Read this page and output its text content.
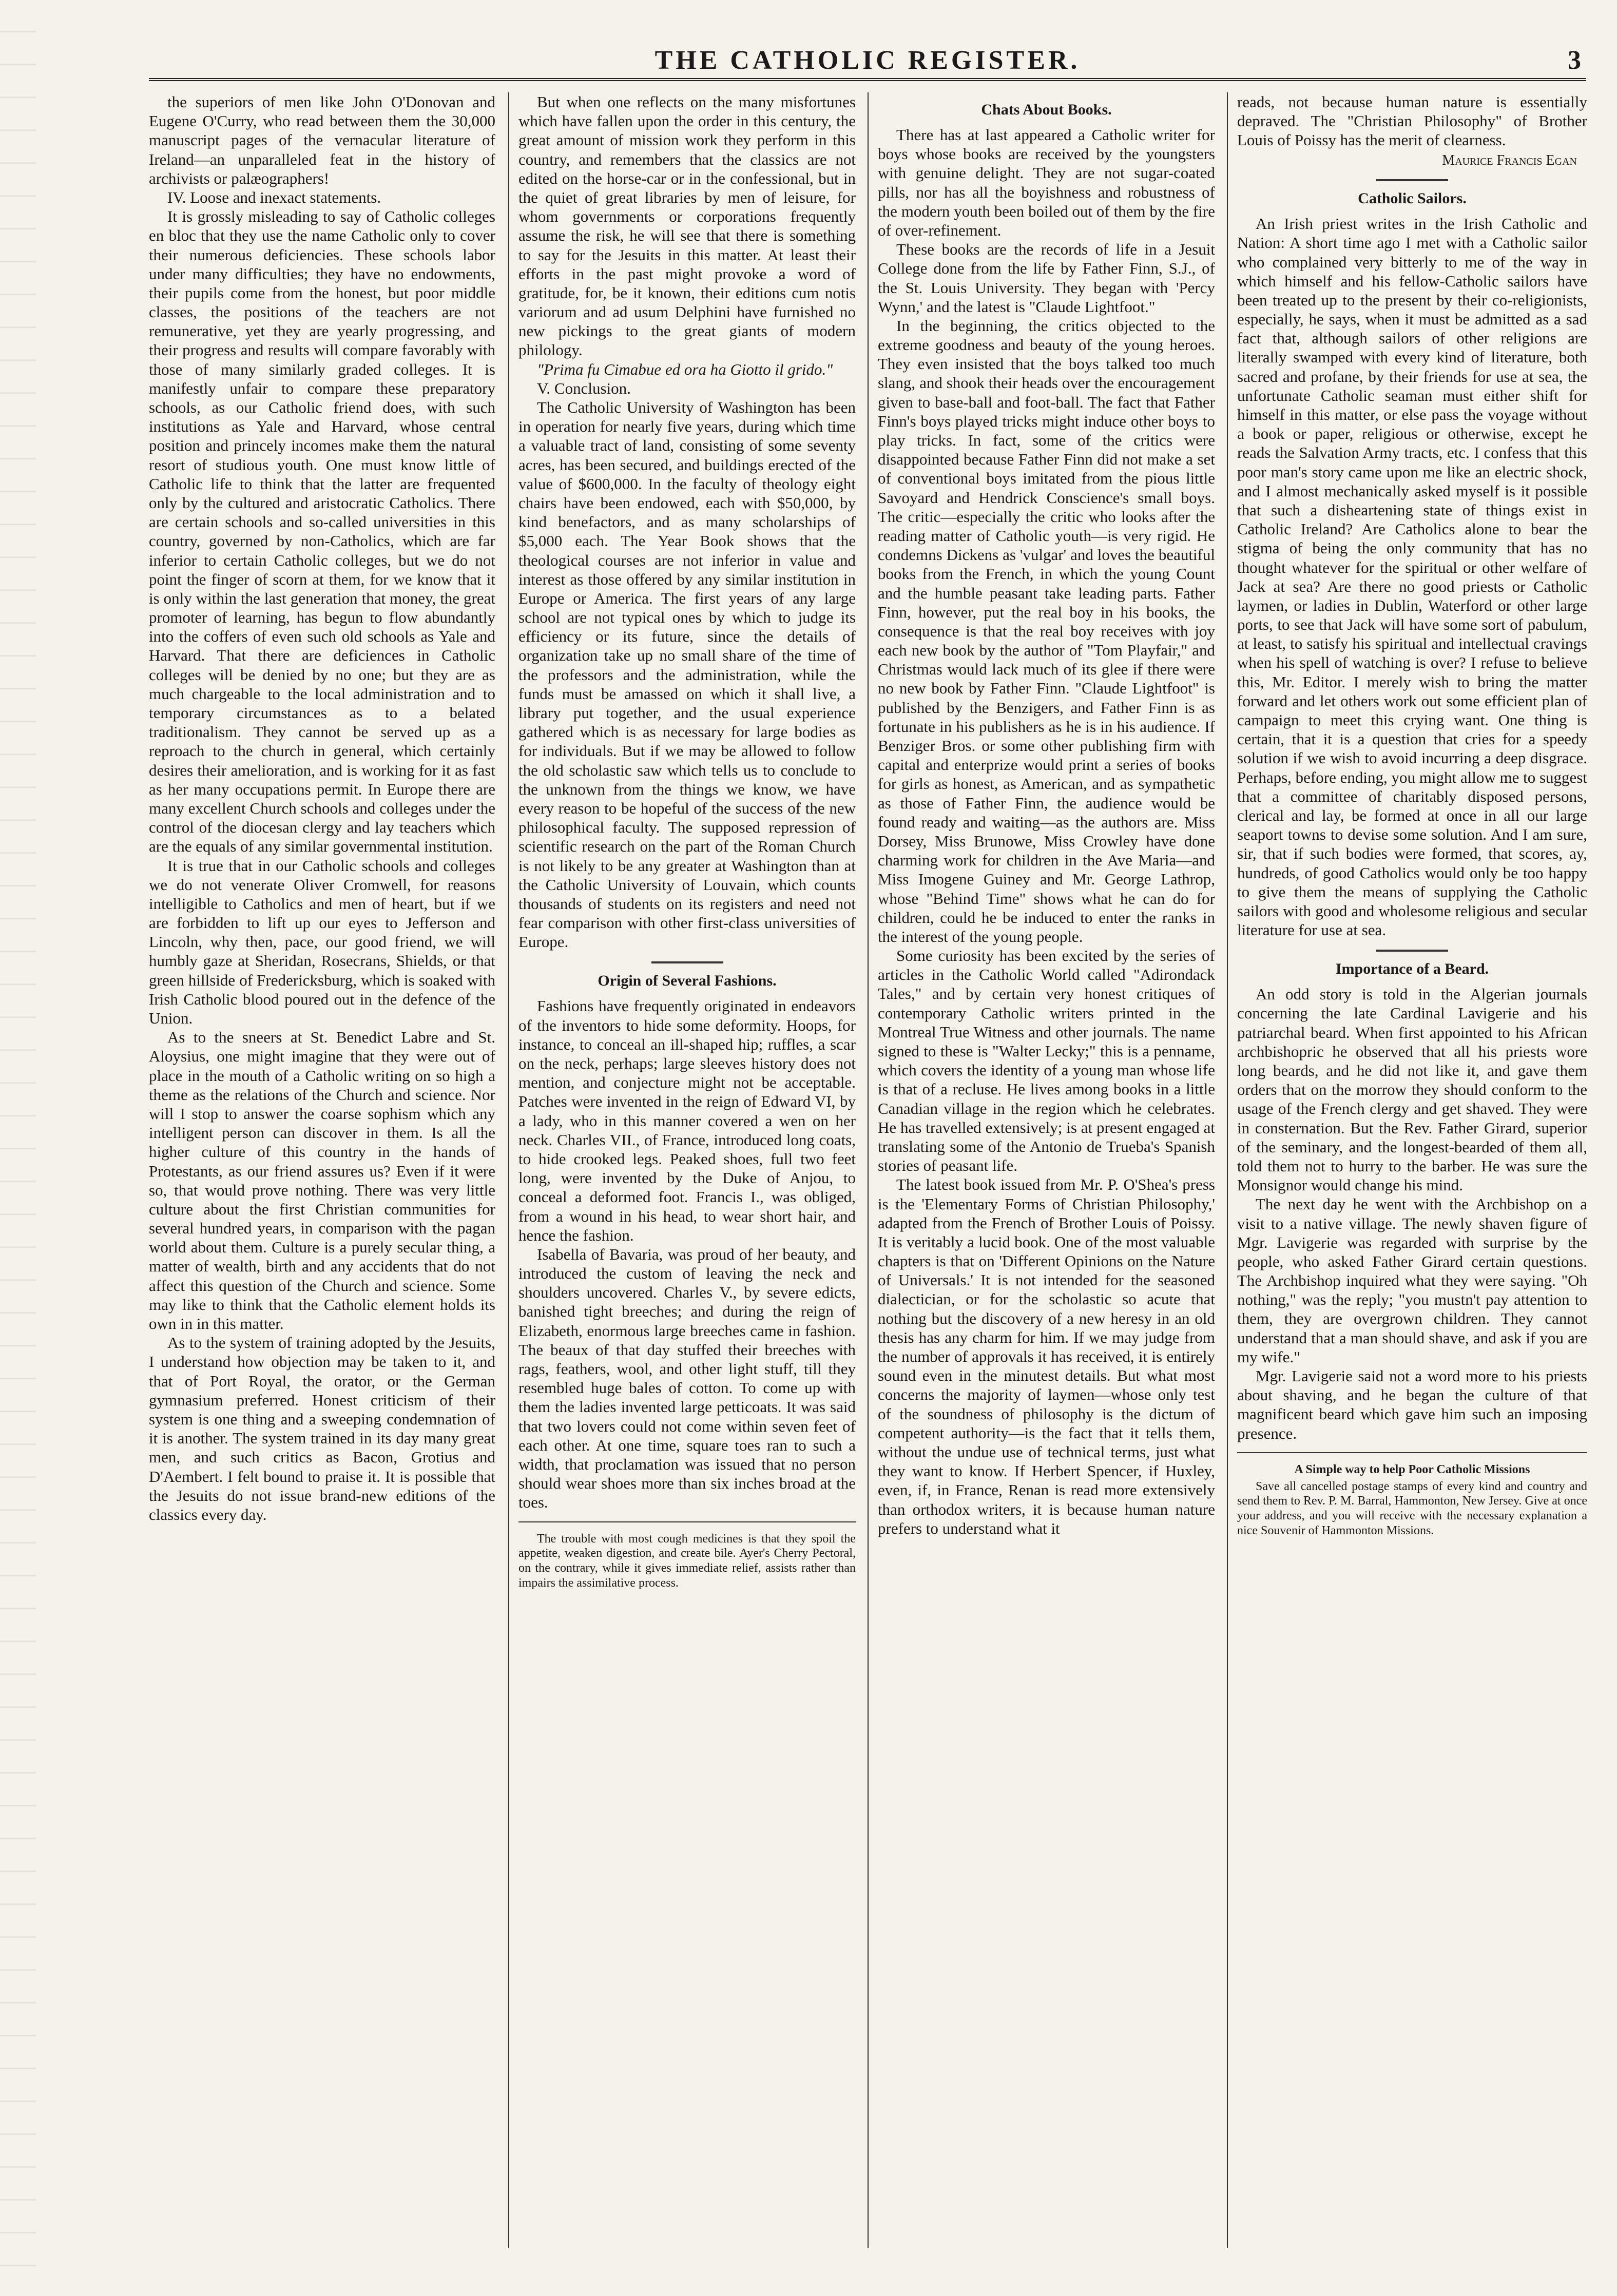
THE CATHOLIC REGISTER.	3

the superiors of men like John O'Donovan and Eugene O'Curry, who read between them the 30,000 manuscript pages of the vernacular literature of Ireland—an unparalleled feat in the history of archivists or palæographers!

IV. Loose and inexact statements.

It is grossly misleading to say of Catholic colleges en bloc that they use the name Catholic only to cover their numerous deficiencies. These schools labor under many difficulties; they have no endowments, their pupils come from the honest, but poor middle classes, the positions of the teachers are not remunerative, yet they are yearly progressing, and their progress and results will compare favorably with those of many similarly graded colleges. It is manifestly unfair to compare these preparatory schools, as our Catholic friend does, with such institutions as Yale and Harvard, whose central position and princely incomes make them the natural resort of studious youth. One must know little of Catholic life to think that the latter are frequented only by the cultured and aristocratic Catholics. There are certain schools and so-called universities in this country, governed by non-Catholics, which are far inferior to certain Catholic colleges, but we do not point the finger of scorn at them, for we know that it is only within the last generation that money, the great promoter of learning, has begun to flow abundantly into the coffers of even such old schools as Yale and Harvard. That there are deficiences in Catholic colleges will be denied by no one; but they are as much chargeable to the local administration and to temporary circumstances as to a belated traditionalism. They cannot be served up as a reproach to the church in general, which certainly desires their amelioration, and is working for it as fast as her many occupations permit. In Europe there are many excellent Church schools and colleges under the control of the diocesan clergy and lay teachers which are the equals of any similar governmental institution.

It is true that in our Catholic schools and colleges we do not venerate Oliver Cromwell, for reasons intelligible to Catholics and men of heart, but if we are forbidden to lift up our eyes to Jefferson and Lincoln, why then, pace, our good friend, we will humbly gaze at Sheridan, Rosecrans, Shields, or that green hillside of Fredericksburg, which is soaked with Irish Catholic blood poured out in the defence of the Union.

As to the sneers at St. Benedict Labre and St. Aloysius, one might imagine that they were out of place in the mouth of a Catholic writing on so high a theme as the relations of the Church and science. Nor will I stop to answer the coarse sophism which any intelligent person can discover in them. Is all the higher culture of this country in the hands of Protestants, as our friend assures us? Even if it were so, that would prove nothing. There was very little culture about the first Christian communities for several hundred years, in comparison with the pagan world about them. Culture is a purely secular thing, a matter of wealth, birth and any accidents that do not affect this question of the Church and science. Some may like to think that the Catholic element holds its own in in this matter.

As to the system of training adopted by the Jesuits, I understand how objection may be taken to it, and that of Port Royal, the orator, or the German gymnasium preferred. Honest criticism of their system is one thing and a sweeping condemnation of it is another. The system trained in its day many great men, and such critics as Bacon, Grotius and D'Aembert. I felt bound to praise it. It is possible that the Jesuits do not issue brand-new editions of the classics every day.

But when one reflects on the many misfortunes which have fallen upon the order in this century, the great amount of mission work they perform in this country, and remembers that the classics are not edited on the horse-car or in the confessional, but in the quiet of great libraries by men of leisure, for whom governments or corporations frequently assume the risk, he will see that there is something to say for the Jesuits in this matter. At least their efforts in the past might provoke a word of gratitude, for, be it known, their editions cum notis variorum and ad usum Delphini have furnished no new pickings to the great giants of modern philology.

"Prima fu Cimabue ed ora ha Giotto il grido."

V. Conclusion.

The Catholic University of Washington has been in operation for nearly five years, during which time a valuable tract of land, consisting of some seventy acres, has been secured, and buildings erected of the value of $600,000. In the faculty of theology eight chairs have been endowed, each with $50,000, by kind benefactors, and as many scholarships of $5,000 each. The Year Book shows that the theological courses are not inferior in value and interest as those offered by any similar institution in Europe or America. The first years of any large school are not typical ones by which to judge its efficiency or its future, since the details of organization take up no small share of the time of the professors and the administration, while the funds must be amassed on which it shall live, a library put together, and the usual experience gathered which is as necessary for large bodies as for individuals. But if we may be allowed to follow the old scholastic saw which tells us to conclude to the unknown from the things we know, we have every reason to be hopeful of the success of the new philosophical faculty. The supposed repression of scientific research on the part of the Roman Church is not likely to be any greater at Washington than at the Catholic University of Louvain, which counts thousands of students on its registers and need not fear comparison with other first-class universities of Europe.

Origin of Several Fashions.

Fashions have frequently originated in endeavors of the inventors to hide some deformity. Hoops, for instance, to conceal an ill-shaped hip; ruffles, a scar on the neck, perhaps; large sleeves history does not mention, and conjecture might not be acceptable. Patches were invented in the reign of Edward VI, by a lady, who in this manner covered a wen on her neck. Charles VII., of France, introduced long coats, to hide crooked legs. Peaked shoes, full two feet long, were invented by the Duke of Anjou, to conceal a deformed foot. Francis I., was obliged, from a wound in his head, to wear short hair, and hence the fashion.

Isabella of Bavaria, was proud of her beauty, and introduced the custom of leaving the neck and shoulders uncovered. Charles V., by severe edicts, banished tight breeches; and during the reign of Elizabeth, enormous large breeches came in fashion. The beaux of that day stuffed their breeches with rags, feathers, wool, and other light stuff, till they resembled huge bales of cotton. To come up with them the ladies invented large petticoats. It was said that two lovers could not come within seven feet of each other. At one time, square toes ran to such a width, that proclamation was issued that no person should wear shoes more than six inches broad at the toes.

The trouble with most cough medicines is that they spoil the appetite, weaken digestion, and create bile. Ayer's Cherry Pectoral, on the contrary, while it gives immediate relief, assists rather than impairs the assimilative process.

Chats About Books.

There has at last appeared a Catholic writer for boys whose books are received by the youngsters with genuine delight. They are not sugar-coated pills, nor has all the boyishness and robustness of the modern youth been boiled out of them by the fire of over-refinement.

These books are the records of life in a Jesuit College done from the life by Father Finn, S.J., of the St. Louis University. They began with 'Percy Wynn,' and the latest is "Claude Lightfoot."

In the beginning, the critics objected to the extreme goodness and beauty of the young heroes. They even insisted that the boys talked too much slang, and shook their heads over the encouragement given to base-ball and foot-ball. The fact that Father Finn's boys played tricks might induce other boys to play tricks. In fact, some of the critics were disappointed because Father Finn did not make a set of conventional boys imitated from the pious little Savoyard and Hendrick Conscience's small boys. The critic—especially the critic who looks after the reading matter of Catholic youth—is very rigid. He condemns Dickens as 'vulgar' and loves the beautiful books from the French, in which the young Count and the humble peasant take leading parts. Father Finn, however, put the real boy in his books, the consequence is that the real boy receives with joy each new book by the author of "Tom Playfair," and Christmas would lack much of its glee if there were no new book by Father Finn. "Claude Lightfoot" is published by the Benzigers, and Father Finn is as fortunate in his publishers as he is in his audience. If Benziger Bros. or some other publishing firm with capital and enterprize would print a series of books for girls as honest, as American, and as sympathetic as those of Father Finn, the audience would be found ready and waiting—as the authors are. Miss Dorsey, Miss Brunowe, Miss Crowley have done charming work for children in the Ave Maria—and Miss Imogene Guiney and Mr. George Lathrop, whose "Behind Time" shows what he can do for children, could he be induced to enter the ranks in the interest of the young people.

Some curiosity has been excited by the series of articles in the Catholic World called "Adirondack Tales," and by certain very honest critiques of contemporary Catholic writers printed in the Montreal True Witness and other journals. The name signed to these is "Walter Lecky;" this is a penname, which covers the identity of a young man whose life is that of a recluse. He lives among books in a little Canadian village in the region which he celebrates. He has travelled extensively; is at present engaged at translating some of the Antonio de Trueba's Spanish stories of peasant life.

The latest book issued from Mr. P. O'Shea's press is the 'Elementary Forms of Christian Philosophy,' adapted from the French of Brother Louis of Poissy. It is veritably a lucid book. One of the most valuable chapters is that on 'Different Opinions on the Nature of Universals.' It is not intended for the seasoned dialectician, or for the scholastic so acute that nothing but the discovery of a new heresy in an old thesis has any charm for him. If we may judge from the number of approvals it has received, it is entirely sound even in the minutest details. But what most concerns the majority of laymen—whose only test of the soundness of philosophy is the dictum of competent authority—is the fact that it tells them, without the undue use of technical terms, just what they want to know. If Herbert Spencer, if Huxley, even, if, in France, Renan is read more extensively than orthodox writers, it is because human nature prefers to understand what it

reads, not because human nature is essentially depraved. The "Christian Philosophy" of Brother Louis of Poissy has the merit of clearness.

Maurice Francis Egan
Catholic Sailors.

An Irish priest writes in the Irish Catholic and Nation: A short time ago I met with a Catholic sailor who complained very bitterly to me of the way in which himself and his fellow-Catholic sailors have been treated up to the present by their co-religionists, especially, he says, when it must be admitted as a sad fact that, although sailors of other religions are literally swamped with every kind of literature, both sacred and profane, by their friends for use at sea, the unfortunate Catholic seaman must either shift for himself in this matter, or else pass the voyage without a book or paper, religious or otherwise, except he reads the Salvation Army tracts, etc. I confess that this poor man's story came upon me like an electric shock, and I almost mechanically asked myself is it possible that such a disheartening state of things exist in Catholic Ireland? Are Catholics alone to bear the stigma of being the only community that has no thought whatever for the spiritual or other welfare of Jack at sea? Are there no good priests or Catholic laymen, or ladies in Dublin, Waterford or other large ports, to see that Jack will have some sort of pabulum, at least, to satisfy his spiritual and intellectual cravings when his spell of watching is over? I refuse to believe this, Mr. Editor. I merely wish to bring the matter forward and let others work out some efficient plan of campaign to meet this crying want. One thing is certain, that it is a question that cries for a speedy solution if we wish to avoid incurring a deep disgrace. Perhaps, before ending, you might allow me to suggest that a committee of charitably disposed persons, clerical and lay, be formed at once in all our large seaport towns to devise some solution. And I am sure, sir, that if such bodies were formed, that scores, ay, hundreds, of good Catholics would only be too happy to give them the means of supplying the Catholic sailors with good and wholesome religious and secular literature for use at sea.

Importance of a Beard.

An odd story is told in the Algerian journals concerning the late Cardinal Lavigerie and his patriarchal beard. When first appointed to his African archbishopric he observed that all his priests wore long beards, and he did not like it, and gave them orders that on the morrow they should conform to the usage of the French clergy and get shaved. They were in consternation. But the Rev. Father Girard, superior of the seminary, and the longest-bearded of them all, told them not to hurry to the barber. He was sure the Monsignor would change his mind.

The next day he went with the Archbishop on a visit to a native village. The newly shaven figure of Mgr. Lavigerie was regarded with surprise by the people, who asked Father Girard certain questions. The Archbishop inquired what they were saying. "Oh nothing," was the reply; "you mustn't pay attention to them, they are overgrown children. They cannot understand that a man should shave, and ask if you are my wife."

Mgr. Lavigerie said not a word more to his priests about shaving, and he began the culture of that magnificent beard which gave him such an imposing presence.

A Simple way to help Poor Catholic Missions

Save all cancelled postage stamps of every kind and country and send them to Rev. P. M. Barral, Hammonton, New Jersey. Give at once your address, and you will receive with the necessary explanation a nice Souvenir of Hammonton Missions.
